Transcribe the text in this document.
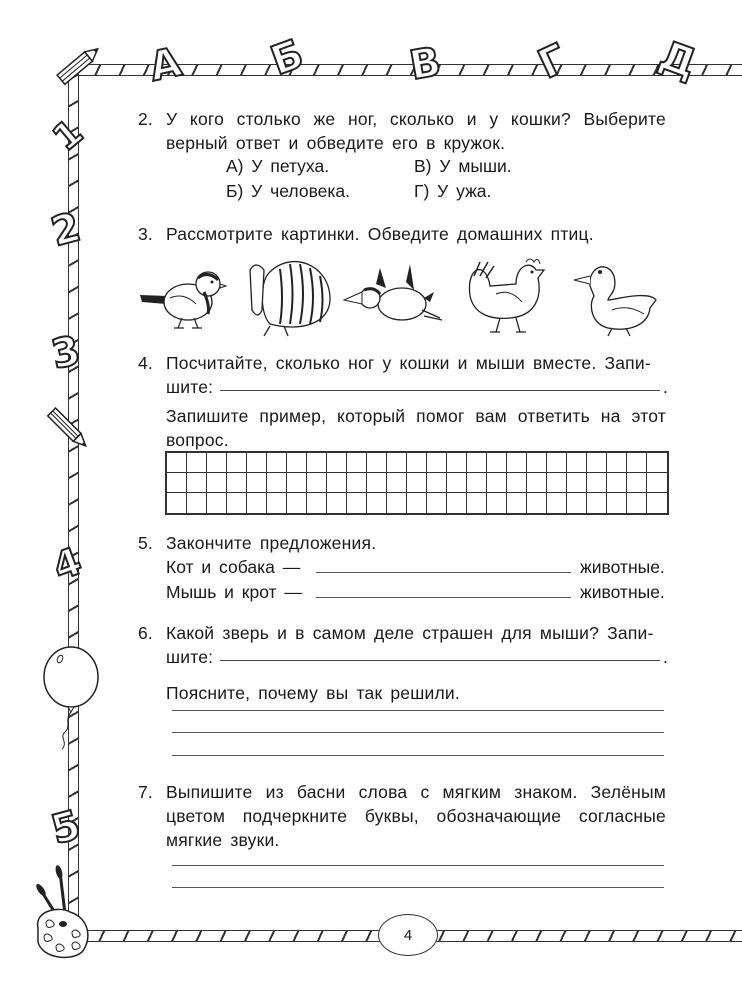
А Б В Г Д
1
2
3
4
5
4
2. У кого столько же ног, сколько и у кошки? Выберите верный ответ и обведите его в кружок.
А) У петуха.	В) У мыши.
Б) У человека.	Г) У ужа.
3. Рассмотрите картинки. Обведите домашних птиц.
4. Посчитайте, сколько ног у кошки и мыши вместе. Запи-
шите:	.
Запишите пример, который помог вам ответить на этот вопрос.
5. Закончите предложения.
Кот и собака —	животные.
Мышь и крот —	животные.
6. Какой зверь и в самом деле страшен для мыши? Запи-
шите:	.
Поясните, почему вы так решили.
7. Выпишите из басни слова с мягким знаком. Зелёным цветом подчеркните буквы, обозначающие согласные мягкие звуки.
